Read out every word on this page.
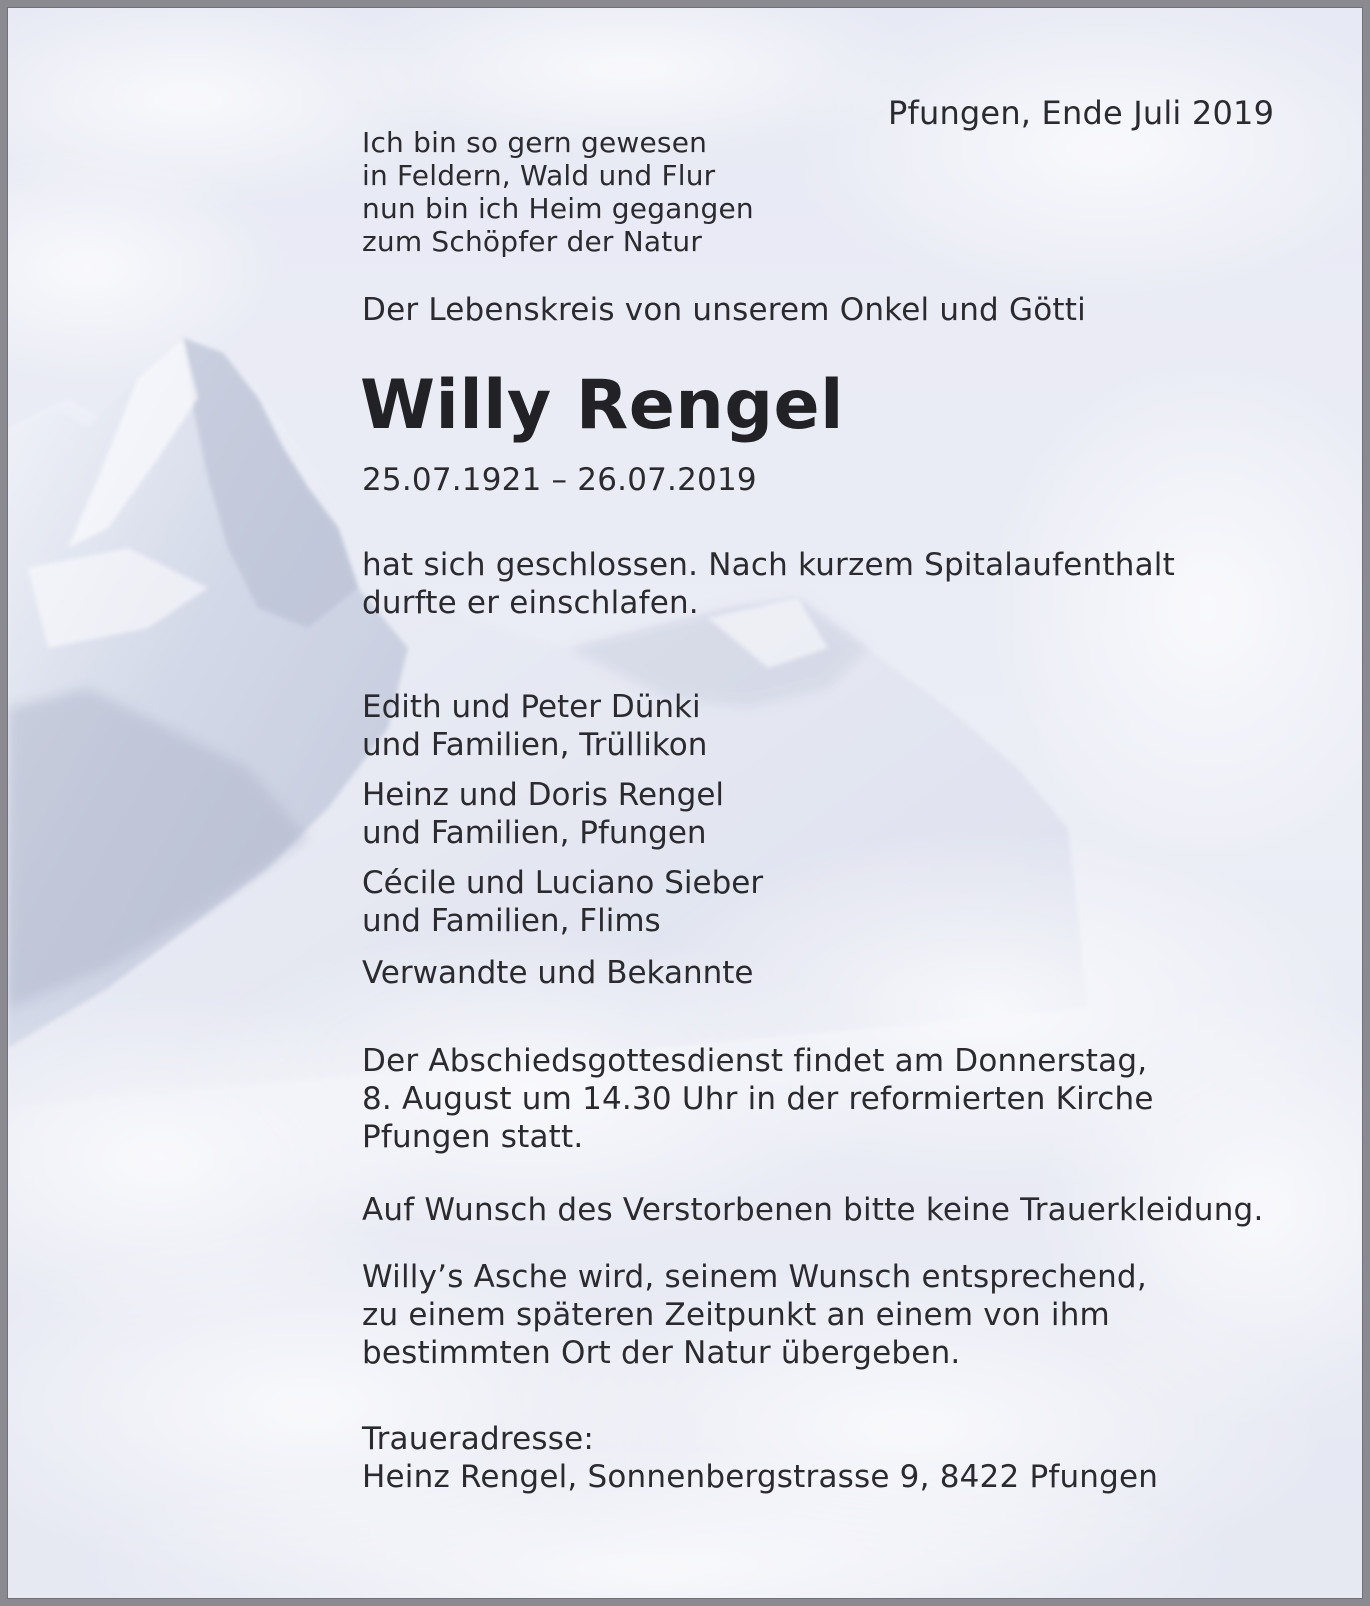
Pfungen, Ende Juli 2019
Ich bin so gern gewesen
in Feldern, Wald und Flur
nun bin ich Heim gegangen
zum Schöpfer der Natur
Der Lebenskreis von unserem Onkel und Götti
Willy Rengel
25.07.1921 – 26.07.2019
hat sich geschlossen. Nach kurzem Spitalaufenthalt
durfte er einschlafen.
Edith und Peter Dünki
und Familien, Trüllikon
Heinz und Doris Rengel
und Familien, Pfungen
Cécile und Luciano Sieber
und Familien, Flims
Verwandte und Bekannte
Der Abschiedsgottesdienst findet am Donnerstag,
8. August um 14.30 Uhr in der reformierten Kirche
Pfungen statt.
Auf Wunsch des Verstorbenen bitte keine Trauerkleidung.
Willy’s Asche wird, seinem Wunsch entsprechend,
zu einem späteren Zeitpunkt an einem von ihm
bestimmten Ort der Natur übergeben.
Traueradresse:
Heinz Rengel, Sonnenbergstrasse 9, 8422 Pfungen
